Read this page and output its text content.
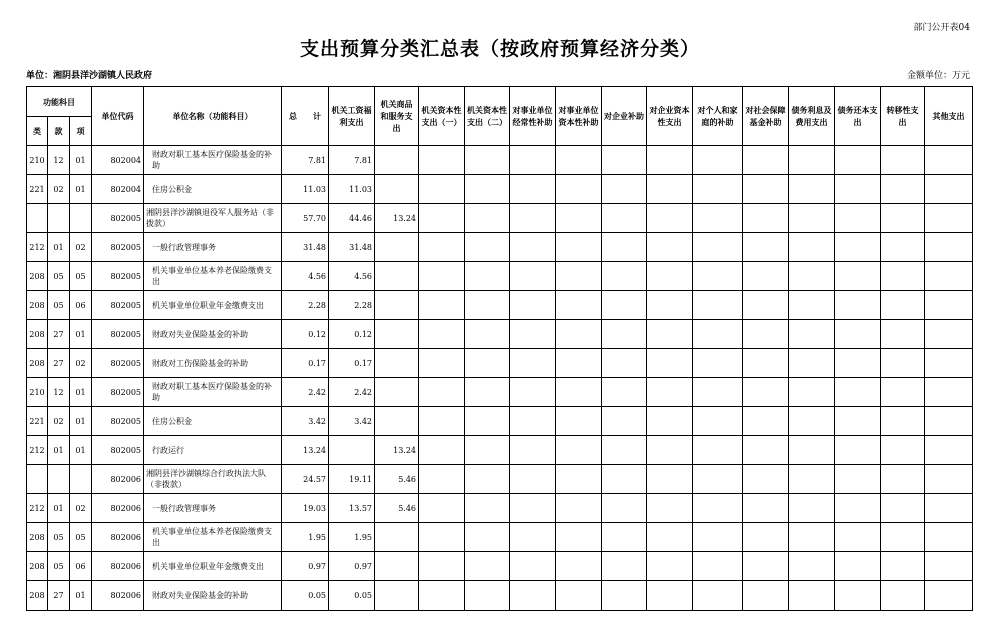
部门公开表04
支出预算分类汇总表（按政府预算经济分类）
单位：湘阴县洋沙湖镇人民政府	金额单位：万元
功能科目			单位代码	单位名称（功能科目）	总　　计	机关工资福利支出	机关商品和服务支出	机关资本性支出（一）	机关资本性支出（二）	对事业单位经常性补助	对事业单位资本性补助	对企业补助	对企业资本性支出	对个人和家庭的补助	对社会保障基金补助	债务利息及费用支出	债务还本支出	转移性支出	其他支出
类	款	项																	
210	12	01	802004	财政对职工基本医疗保险基金的补助	7.81	7.81													
221	02	01	802004	住房公积金	11.03	11.03													
			802005	湘阴县洋沙湖镇退役军人服务站（非拨款）	57.70	44.46	13.24												
212	01	02	802005	一般行政管理事务	31.48	31.48													
208	05	05	802005	机关事业单位基本养老保险缴费支出	4.56	4.56													
208	05	06	802005	机关事业单位职业年金缴费支出	2.28	2.28													
208	27	01	802005	财政对失业保险基金的补助	0.12	0.12													
208	27	02	802005	财政对工伤保险基金的补助	0.17	0.17													
210	12	01	802005	财政对职工基本医疗保险基金的补助	2.42	2.42													
221	02	01	802005	住房公积金	3.42	3.42													
212	01	01	802005	行政运行	13.24		13.24												
			802006	湘阴县洋沙湖镇综合行政执法大队（非拨款）	24.57	19.11	5.46												
212	01	02	802006	一般行政管理事务	19.03	13.57	5.46												
208	05	05	802006	机关事业单位基本养老保险缴费支出	1.95	1.95													
208	05	06	802006	机关事业单位职业年金缴费支出	0.97	0.97													
208	27	01	802006	财政对失业保险基金的补助	0.05	0.05													
